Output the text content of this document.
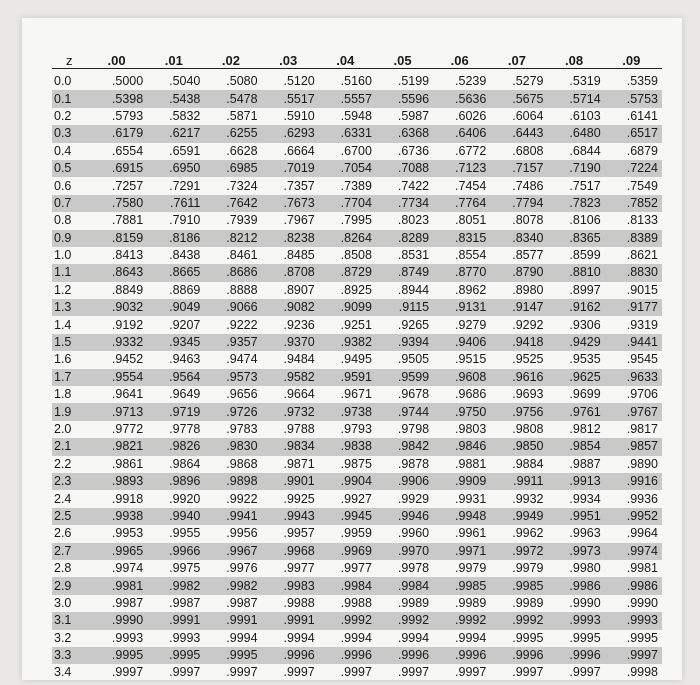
z	.00	.01	.02	.03	.04	.05	.06	.07	.08	.09
0.0	.5000	.5040	.5080	.5120	.5160	.5199	.5239	.5279	.5319	.5359
0.1	.5398	.5438	.5478	.5517	.5557	.5596	.5636	.5675	.5714	.5753
0.2	.5793	.5832	.5871	.5910	.5948	.5987	.6026	.6064	.6103	.6141
0.3	.6179	.6217	.6255	.6293	.6331	.6368	.6406	.6443	.6480	.6517
0.4	.6554	.6591	.6628	.6664	.6700	.6736	.6772	.6808	.6844	.6879
0.5	.6915	.6950	.6985	.7019	.7054	.7088	.7123	.7157	.7190	.7224
0.6	.7257	.7291	.7324	.7357	.7389	.7422	.7454	.7486	.7517	.7549
0.7	.7580	.7611	.7642	.7673	.7704	.7734	.7764	.7794	.7823	.7852
0.8	.7881	.7910	.7939	.7967	.7995	.8023	.8051	.8078	.8106	.8133
0.9	.8159	.8186	.8212	.8238	.8264	.8289	.8315	.8340	.8365	.8389
1.0	.8413	.8438	.8461	.8485	.8508	.8531	.8554	.8577	.8599	.8621
1.1	.8643	.8665	.8686	.8708	.8729	.8749	.8770	.8790	.8810	.8830
1.2	.8849	.8869	.8888	.8907	.8925	.8944	.8962	.8980	.8997	.9015
1.3	.9032	.9049	.9066	.9082	.9099	.9115	.9131	.9147	.9162	.9177
1.4	.9192	.9207	.9222	.9236	.9251	.9265	.9279	.9292	.9306	.9319
1.5	.9332	.9345	.9357	.9370	.9382	.9394	.9406	.9418	.9429	.9441
1.6	.9452	.9463	.9474	.9484	.9495	.9505	.9515	.9525	.9535	.9545
1.7	.9554	.9564	.9573	.9582	.9591	.9599	.9608	.9616	.9625	.9633
1.8	.9641	.9649	.9656	.9664	.9671	.9678	.9686	.9693	.9699	.9706
1.9	.9713	.9719	.9726	.9732	.9738	.9744	.9750	.9756	.9761	.9767
2.0	.9772	.9778	.9783	.9788	.9793	.9798	.9803	.9808	.9812	.9817
2.1	.9821	.9826	.9830	.9834	.9838	.9842	.9846	.9850	.9854	.9857
2.2	.9861	.9864	.9868	.9871	.9875	.9878	.9881	.9884	.9887	.9890
2.3	.9893	.9896	.9898	.9901	.9904	.9906	.9909	.9911	.9913	.9916
2.4	.9918	.9920	.9922	.9925	.9927	.9929	.9931	.9932	.9934	.9936
2.5	.9938	.9940	.9941	.9943	.9945	.9946	.9948	.9949	.9951	.9952
2.6	.9953	.9955	.9956	.9957	.9959	.9960	.9961	.9962	.9963	.9964
2.7	.9965	.9966	.9967	.9968	.9969	.9970	.9971	.9972	.9973	.9974
2.8	.9974	.9975	.9976	.9977	.9977	.9978	.9979	.9979	.9980	.9981
2.9	.9981	.9982	.9982	.9983	.9984	.9984	.9985	.9985	.9986	.9986
3.0	.9987	.9987	.9987	.9988	.9988	.9989	.9989	.9989	.9990	.9990
3.1	.9990	.9991	.9991	.9991	.9992	.9992	.9992	.9992	.9993	.9993
3.2	.9993	.9993	.9994	.9994	.9994	.9994	.9994	.9995	.9995	.9995
3.3	.9995	.9995	.9995	.9996	.9996	.9996	.9996	.9996	.9996	.9997
3.4	.9997	.9997	.9997	.9997	.9997	.9997	.9997	.9997	.9997	.9998
